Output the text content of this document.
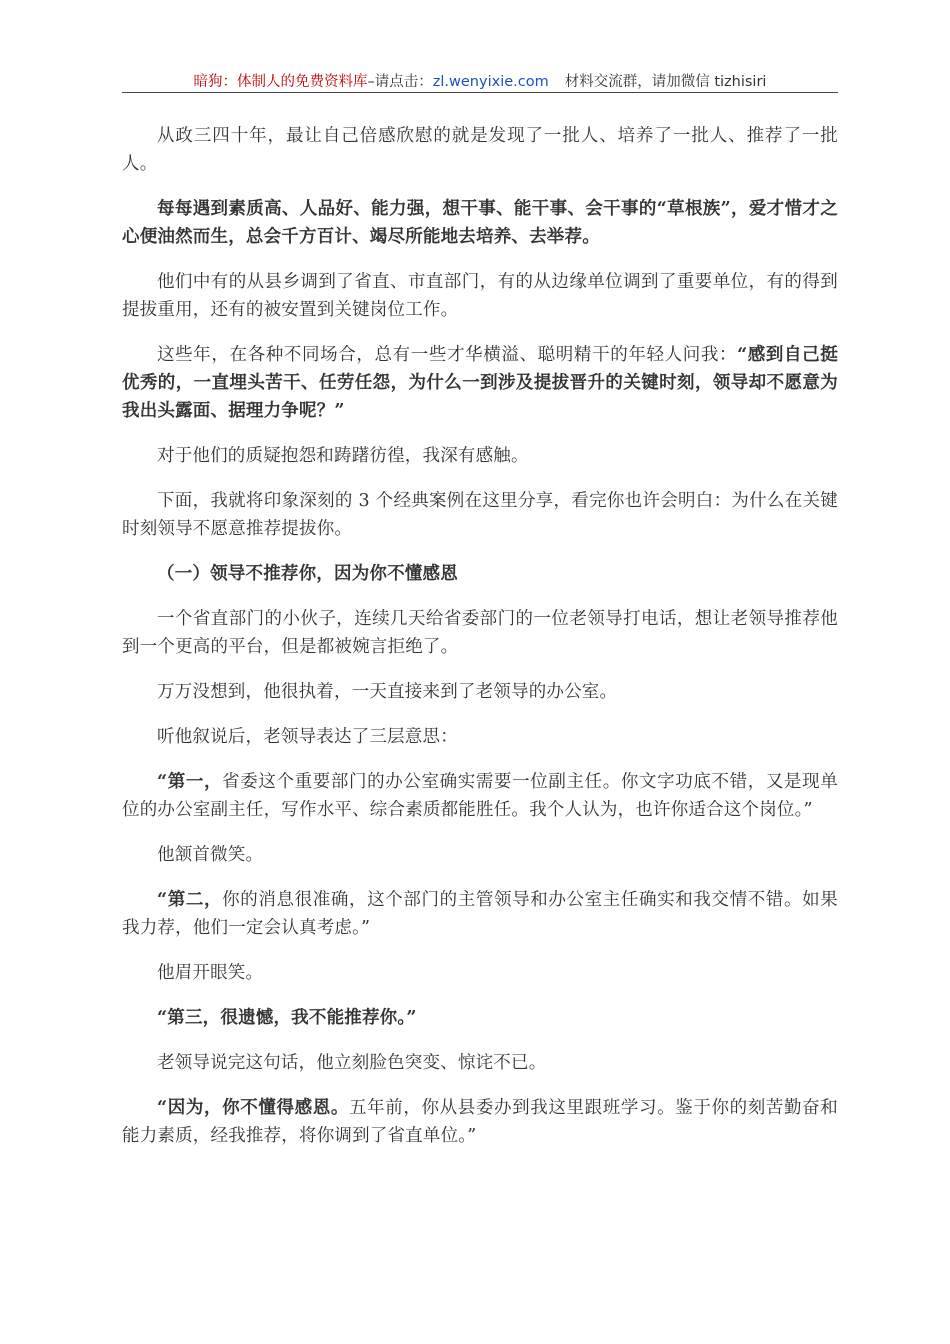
暗狗：体制人的免费资料库–请点击：zl.wenyixie.com 材料交流群，请加微信 tizhisiri

从政三四十年，最让自己倍感欣慰的就是发现了一批人、培养了一批人、推荐了一批人。

每每遇到素质高、人品好、能力强，想干事、能干事、会干事的“草根族”，爱才惜才之心便油然而生，总会千方百计、竭尽所能地去培养、去举荐。

他们中有的从县乡调到了省直、市直部门，有的从边缘单位调到了重要单位，有的得到提拔重用，还有的被安置到关键岗位工作。

这些年，在各种不同场合，总有一些才华横溢、聪明精干的年轻人问我：“感到自己挺优秀的，一直埋头苦干、任劳任怨，为什么一到涉及提拔晋升的关键时刻，领导却不愿意为我出头露面、据理力争呢？”

对于他们的质疑抱怨和踌躇彷徨，我深有感触。

下面，我就将印象深刻的 3 个经典案例在这里分享，看完你也许会明白：为什么在关键时刻领导不愿意推荐提拔你。

（一）领导不推荐你，因为你不懂感恩

一个省直部门的小伙子，连续几天给省委部门的一位老领导打电话，想让老领导推荐他到一个更高的平台，但是都被婉言拒绝了。

万万没想到，他很执着，一天直接来到了老领导的办公室。

听他叙说后，老领导表达了三层意思：

“第一，省委这个重要部门的办公室确实需要一位副主任。你文字功底不错，又是现单位的办公室副主任，写作水平、综合素质都能胜任。我个人认为，也许你适合这个岗位。”

他颔首微笑。

“第二，你的消息很准确，这个部门的主管领导和办公室主任确实和我交情不错。如果我力荐，他们一定会认真考虑。”

他眉开眼笑。

“第三，很遗憾，我不能推荐你。”

老领导说完这句话，他立刻脸色突变、惊诧不已。

“因为，你不懂得感恩。五年前，你从县委办到我这里跟班学习。鉴于你的刻苦勤奋和能力素质，经我推荐，将你调到了省直单位。”
